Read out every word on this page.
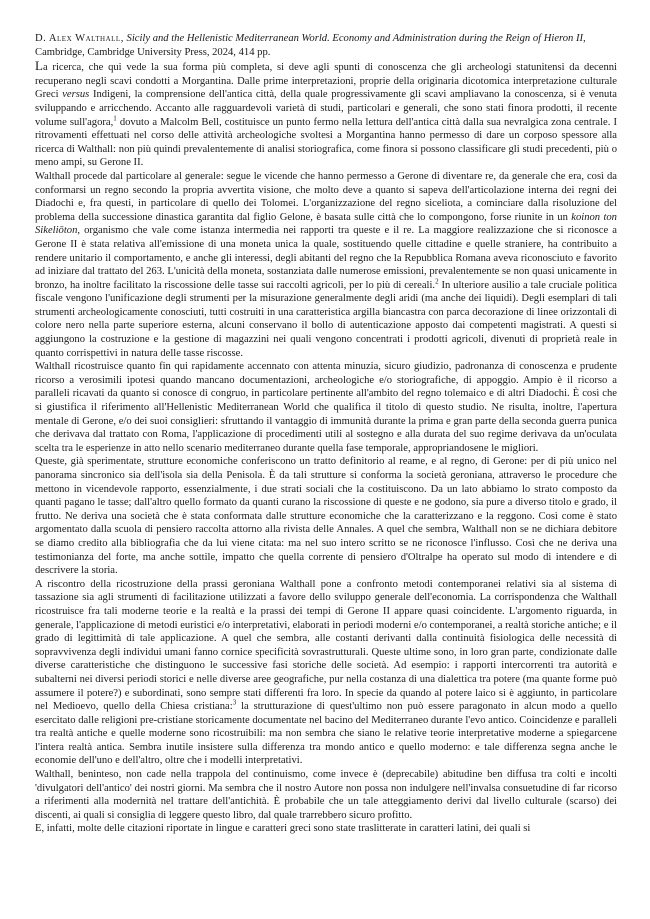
D. Alex Walthall, Sicily and the Hellenistic Mediterranean World. Economy and Administration during the Reign of Hieron II, Cambridge, Cambridge University Press, 2024, 414 pp.

La ricerca, che qui vede la sua forma più completa, si deve agli spunti di conoscenza che gli archeologi statunitensi da decenni recuperano negli scavi condotti a Morgantina. Dalle prime interpretazioni, proprie della originaria dicotomica interpretazione culturale Greci versus Indigeni, la comprensione dell'antica città, della quale progressivamente gli scavi ampliavano la conoscenza, si è venuta sviluppando e arricchendo. Accanto alle ragguardevoli varietà di studi, particolari e generali, che sono stati finora prodotti, il recente volume sull'agora,$^1$ dovuto a Malcolm Bell, costituisce un punto fermo nella lettura dell'antica città dalla sua nevralgica zona centrale. I ritrovamenti effettuati nel corso delle attività archeologiche svoltesi a Morgantina hanno permesso di dare un corposo spessore alla ricerca di Walthall: non più quindi prevalentemente di analisi storiografica, come finora si possono classificare gli studi precedenti, più o meno ampi, su Gerone II.

Walthall procede dal particolare al generale: segue le vicende che hanno permesso a Gerone di diventare re, da generale che era, così da conformarsi un regno secondo la propria avvertita visione, che molto deve a quanto si sapeva dell'articolazione interna dei regni dei Diadochi e, fra questi, in particolare di quello dei Tolomei. L'organizzazione del regno siceliota, a cominciare dalla risoluzione del problema della successione dinastica garantita dal figlio Gelone, è basata sulle città che lo compongono, forse riunite in un koinon ton Sikeliōton, organismo che vale come istanza intermedia nei rapporti tra queste e il re. La maggiore realizzazione che si riconosce a Gerone II è stata relativa all'emissione di una moneta unica la quale, sostituendo quelle cittadine e quelle straniere, ha contribuito a rendere unitario il comportamento, e anche gli interessi, degli abitanti del regno che la Repubblica Romana aveva riconosciuto e favorito ad iniziare dal trattato del 263. L'unicità della moneta, sostanziata dalle numerose emissioni, prevalentemente se non quasi unicamente in bronzo, ha inoltre facilitato la riscossione delle tasse sui raccolti agricoli, per lo più di cereali.$^2$ In ulteriore ausilio a tale cruciale politica fiscale vengono l'unificazione degli strumenti per la misurazione generalmente degli aridi (ma anche dei liquidi). Degli esemplari di tali strumenti archeologicamente conosciuti, tutti costruiti in una caratteristica argilla biancastra con parca decorazione di linee orizzontali di colore nero nella parte superiore esterna, alcuni conservano il bollo di autenticazione apposto dai competenti magistrati. A questi si aggiungono la costruzione e la gestione di magazzini nei quali vengono concentrati i prodotti agricoli, divenuti di proprietà reale in quanto corrispettivi in natura delle tasse riscosse.

Walthall ricostruisce quanto fin qui rapidamente accennato con attenta minuzia, sicuro giudizio, padronanza di conoscenza e prudente ricorso a verosimili ipotesi quando mancano documentazioni, archeologiche e/o storiografiche, di appoggio. Ampio è il ricorso a paralleli ricavati da quanto si conosce di congruo, in particolare pertinente all'ambito del regno tolemaico e di altri Diadochi. È così che si giustifica il riferimento all'Hellenistic Mediterranean World che qualifica il titolo di questo studio. Ne risulta, inoltre, l'apertura mentale di Gerone, e/o dei suoi consiglieri: sfruttando il vantaggio di immunità durante la prima e gran parte della seconda guerra punica che derivava dal trattato con Roma, l'applicazione di procedimenti utili al sostegno e alla durata del suo regime derivava da un'oculata scelta tra le esperienze in atto nello scenario mediterraneo durante quella fase temporale, appropriandosene le migliori.

Queste, già sperimentate, strutture economiche conferiscono un tratto definitorio al reame, e al regno, di Gerone: per di più unico nel panorama sincronico sia dell'isola sia della Penisola. È da tali strutture si conforma la società geroniana, attraverso le procedure che mettono in vicendevole rapporto, essenzialmente, i due strati sociali che la costituiscono. Da un lato abbiamo lo strato composto da quanti pagano le tasse; dall'altro quello formato da quanti curano la riscossione di queste e ne godono, sia pure a diverso titolo e grado, il frutto. Ne deriva una società che è stata conformata dalle strutture economiche che la caratterizzano e la reggono. Così come è stato argomentato dalla scuola di pensiero raccolta attorno alla rivista delle Annales. A quel che sembra, Walthall non se ne dichiara debitore se diamo credito alla bibliografia che da lui viene citata: ma nel suo intero scritto se ne riconosce l'influsso. Così che ne deriva una testimonianza del forte, ma anche sottile, impatto che quella corrente di pensiero d'Oltralpe ha operato sul modo di intendere e di descrivere la storia.

A riscontro della ricostruzione della prassi geroniana Walthall pone a confronto metodi contemporanei relativi sia al sistema di tassazione sia agli strumenti di facilitazione utilizzati a favore dello sviluppo generale dell'economia. La corrispondenza che Walthall ricostruisce fra tali moderne teorie e la realtà e la prassi dei tempi di Gerone II appare quasi coincidente. L'argomento riguarda, in generale, l'applicazione di metodi euristici e/o interpretativi, elaborati in periodi moderni e/o contemporanei, a realtà storiche antiche; e il grado di legittimità di tale applicazione. A quel che sembra, alle costanti derivanti dalla continuità fisiologica delle necessità di sopravvivenza degli individui umani fanno cornice specificità sovrastrutturali. Queste ultime sono, in loro gran parte, condizionate dalle diverse caratteristiche che distinguono le successive fasi storiche delle società. Ad esempio: i rapporti intercorrenti tra autorità e subalterni nei diversi periodi storici e nelle diverse aree geografiche, pur nella costanza di una dialettica tra potere (ma quante forme può assumere il potere?) e subordinati, sono sempre stati differenti fra loro. In specie da quando al potere laico si è aggiunto, in particolare nel Medioevo, quello della Chiesa cristiana:$^3$ la strutturazione di quest'ultimo non può essere paragonato in alcun modo a quello esercitato dalle religioni pre-cristiane storicamente documentate nel bacino del Mediterraneo durante l'evo antico. Coincidenze e paralleli tra realtà antiche e quelle moderne sono ricostruibili: ma non sembra che siano le relative teorie interpretative moderne a spiegarcene l'intera realtà antica. Sembra inutile insistere sulla differenza tra mondo antico e quello moderno: e tale differenza segna anche le economie dell'uno e dell'altro, oltre che i modelli interpretativi.

Walthall, benintesο, non cade nella trappola del continuismo, come invece è (deprecabile) abitudine ben diffusa tra colti e incolti 'divulgatori dell'antico' dei nostri giorni. Ma sembra che il nostro Autore non possa non indulgere nell'invalsa consuetudine di far ricorso a riferimenti alla modernità nel trattare dell'antichità. È probabile che un tale atteggiamento derivi dal livello culturale (scarso) dei discenti, ai quali si consiglia di leggere questo libro, dal quale trarrebbero sicuro profitto.

E, infatti, molte delle citazioni riportate in lingue e caratteri greci sono state traslitterate in caratteri latini, dei quali si
